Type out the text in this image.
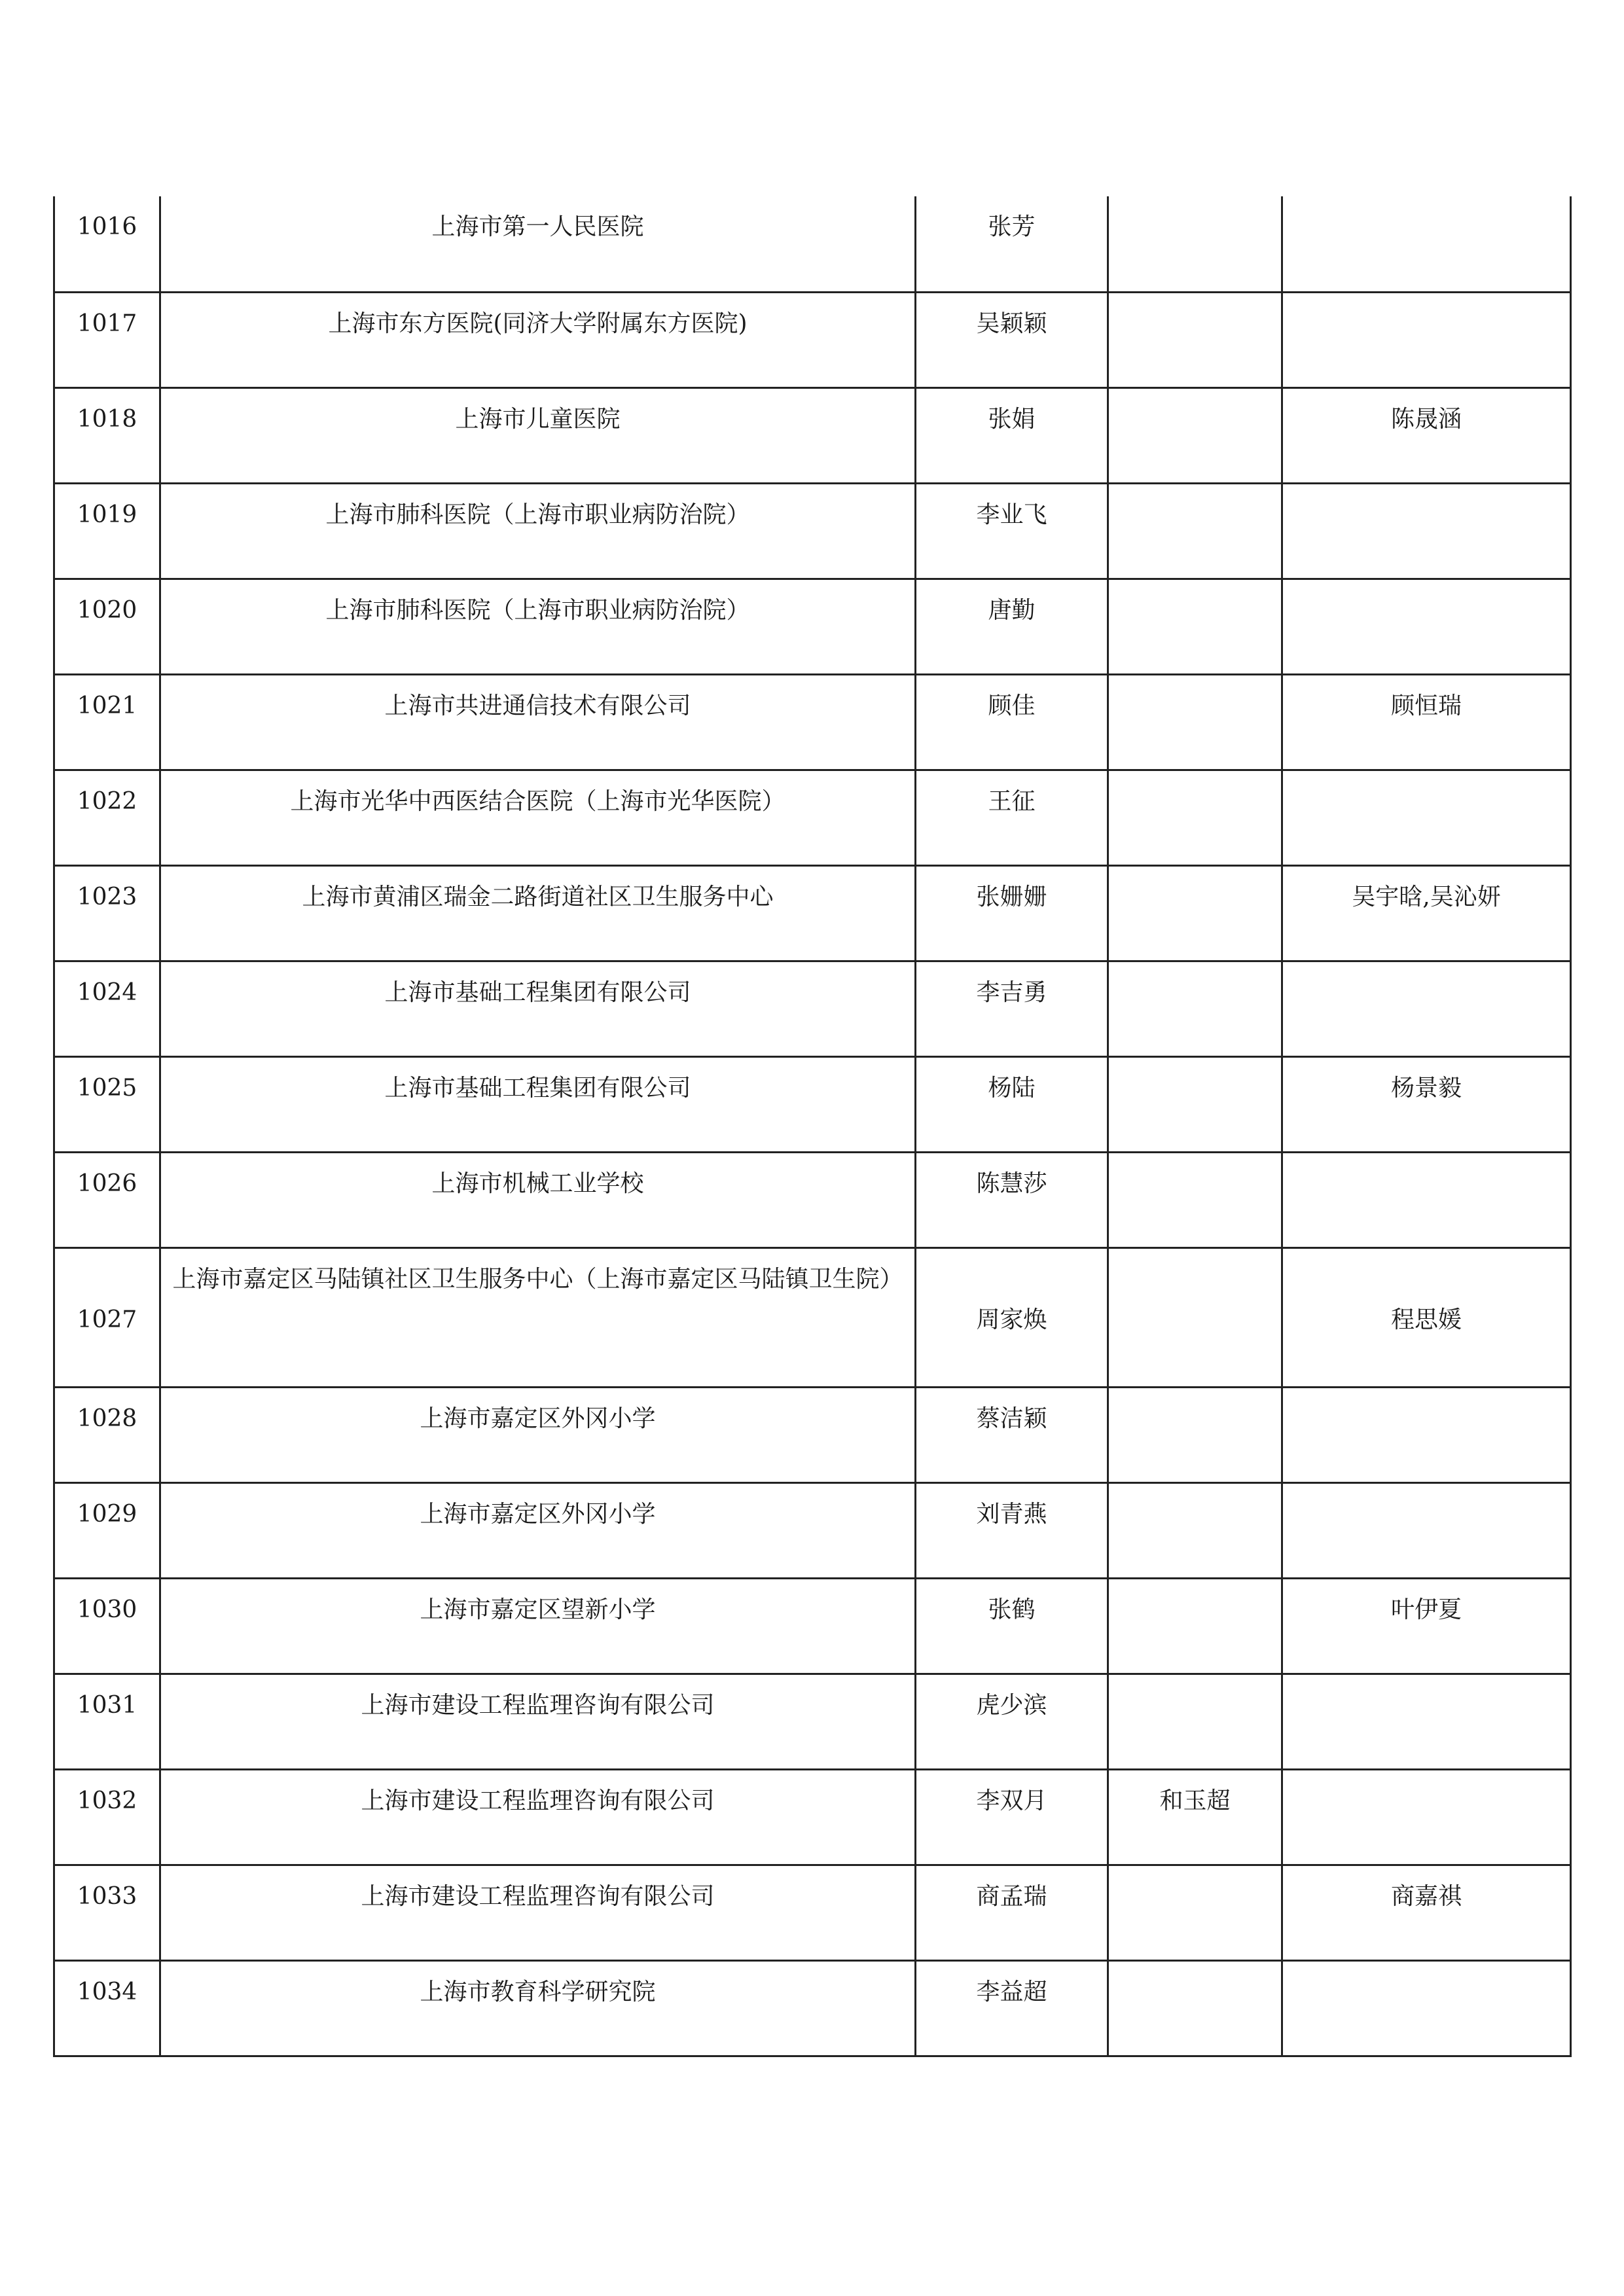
1016	上海市第一人民医院	张芳		
1017	上海市东方医院(同济大学附属东方医院)	吴颖颖		
1018	上海市儿童医院	张娟		陈晟涵
1019	上海市肺科医院（上海市职业病防治院）	李业飞		
1020	上海市肺科医院（上海市职业病防治院）	唐勤		
1021	上海市共进通信技术有限公司	顾佳		顾恒瑞
1022	上海市光华中西医结合医院（上海市光华医院）	王征		
1023	上海市黄浦区瑞金二路街道社区卫生服务中心	张姗姗		吴宇晗,吴沁妍
1024	上海市基础工程集团有限公司	李吉勇		
1025	上海市基础工程集团有限公司	杨陆		杨景毅
1026	上海市机械工业学校	陈慧莎		
1027	上海市嘉定区马陆镇社区卫生服务中心（上海市嘉定区马陆镇卫生院）	周家焕		程思媛
1028	上海市嘉定区外冈小学	蔡洁颖		
1029	上海市嘉定区外冈小学	刘青燕		
1030	上海市嘉定区望新小学	张鹤		叶伊夏
1031	上海市建设工程监理咨询有限公司	虎少滨		
1032	上海市建设工程监理咨询有限公司	李双月	和玉超	
1033	上海市建设工程监理咨询有限公司	商孟瑞		商嘉祺
1034	上海市教育科学研究院	李益超		
